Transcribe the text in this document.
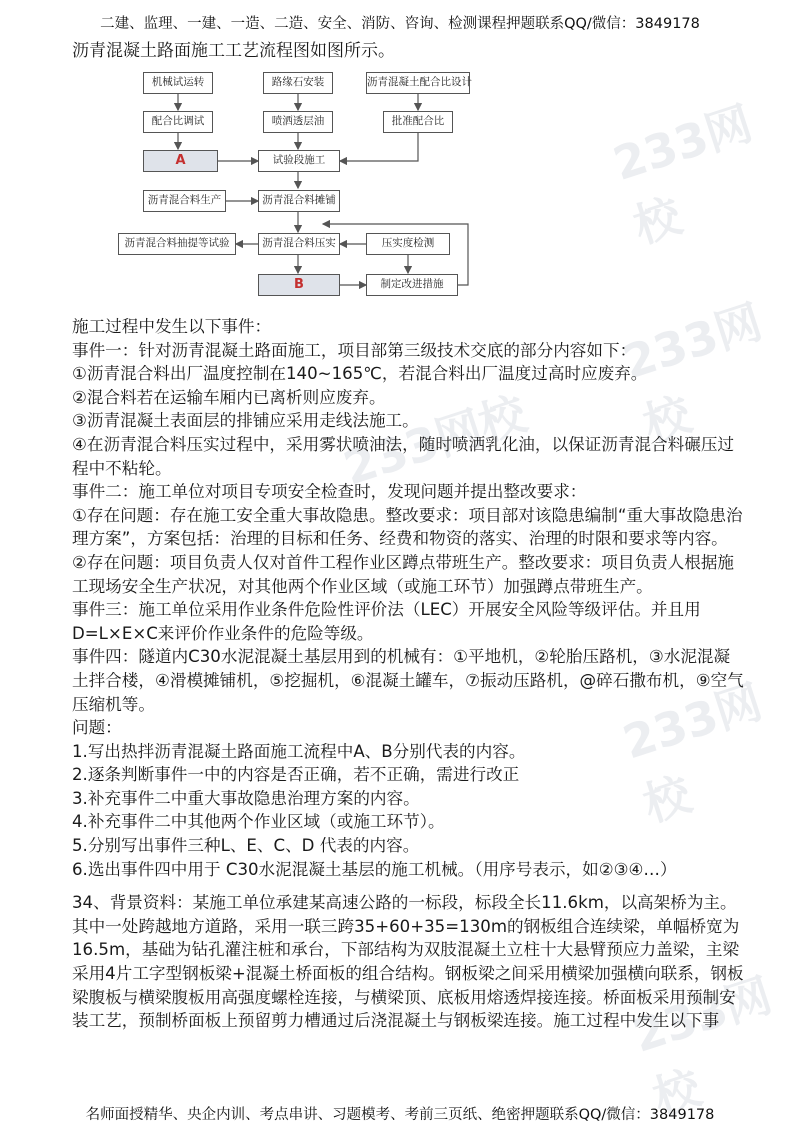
233网校
233网校
233网校
233网校
233网校
二建、监理、一建、一造、二造、安全、消防、咨询、检测课程押题联系QQ/微信：3849178
沥青混凝土路面施工工艺流程图如图所示。
机械试运转	路缘石安装	沥青混凝土配合比设计
配合比调试	喷洒透层油	批准配合比
A	试验段施工
沥青混合料生产	沥青混合料摊铺
沥青混合料抽提等试验	沥青混合料压实	压实度检测
B	制定改进措施

施工过程中发生以下事件：

事件一：针对沥青混凝土路面施工，项目部第三级技术交底的部分内容如下：

①沥青混合料出厂温度控制在140~165℃，若混合料出厂温度过高时应废弃。

②混合料若在运输车厢内已离析则应废弃。

③沥青混凝土表面层的排铺应采用走线法施工。

④在沥青混合料压实过程中，采用雾状喷油法，随时喷洒乳化油，以保证沥青混合料碾压过

程中不粘轮。

事件二：施工单位对项目专项安全检查时，发现问题并提出整改要求：

①存在问题：存在施工安全重大事故隐患。整改要求：项目部对该隐患编制“重大事故隐患治

理方案”，方案包括：治理的目标和任务、经费和物资的落实、治理的时限和要求等内容。

②存在问题：项目负责人仅对首件工程作业区蹲点带班生产。整改要求：项目负责人根据施

工现场安全生产状况，对其他两个作业区域（或施工环节）加强蹲点带班生产。

事件三：施工单位采用作业条件危险性评价法（LEC）开展安全风险等级评估。并且用

D=L×E×C来评价作业条件的危险等级。

事件四：隧道内C30水泥混凝土基层用到的机械有：①平地机，②轮胎压路机，③水泥混凝

土拌合楼，④滑模摊铺机，⑤挖掘机，⑥混凝土罐车，⑦振动压路机，@碎石撒布机，⑨空气

压缩机等。

问题：

1.写出热拌沥青混凝土路面施工流程中A、B分别代表的内容。

2.逐条判断事件一中的内容是否正确，若不正确，需进行改正

3.补充事件二中重大事故隐患治理方案的内容。

4.补充事件二中其他两个作业区域（或施工环节）。

5.分别写出事件三种L、E、C、D 代表的内容。

6.选出事件四中用于 C30水泥混凝土基层的施工机械。（用序号表示，如②③④…）

34、背景资料：某施工单位承建某高速公路的一标段，标段全长11.6km，以高架桥为主。

其中一处跨越地方道路，采用一联三跨35+60+35=130m的钢板组合连续梁，单幅桥宽为

16.5m，基础为钻孔灌注桩和承台，下部结构为双肢混凝土立柱十大悬臂预应力盖梁，主梁

采用4片工字型钢板梁+混凝土桥面板的组合结构。钢板梁之间采用横梁加强横向联系，钢板

梁腹板与横梁腹板用高强度螺栓连接，与横梁顶、底板用熔透焊接连接。桥面板采用预制安

装工艺，预制桥面板上预留剪力槽通过后浇混凝土与钢板梁连接。施工过程中发生以下事

名师面授精华、央企内训、考点串讲、习题模考、考前三页纸、绝密押题联系QQ/微信：3849178
